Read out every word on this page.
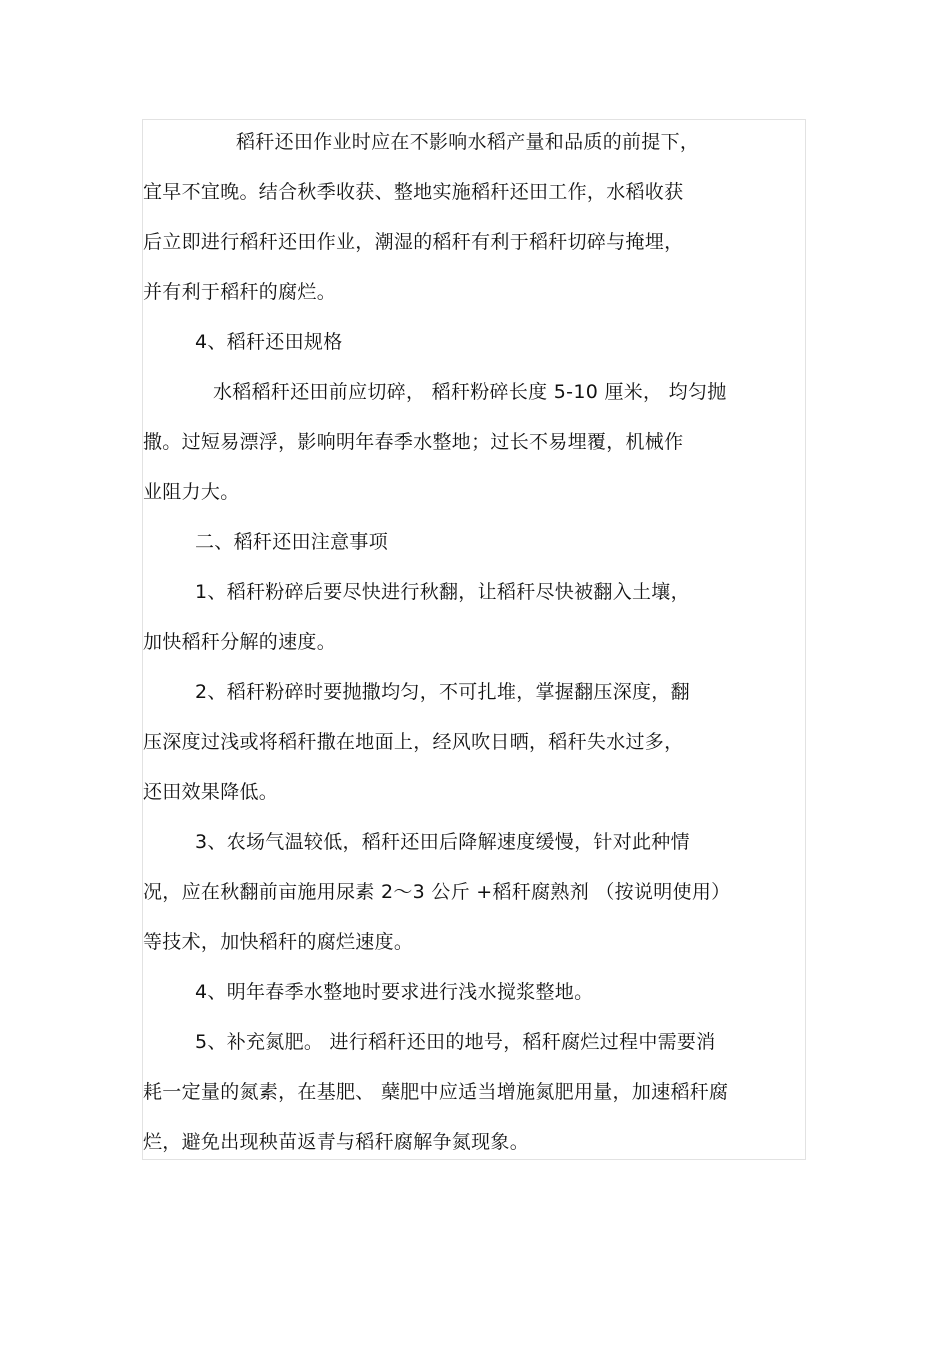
稻秆还田作业时应在不影响水稻产量和品质的前提下，
宜早不宜晚。结合秋季收获、整地实施稻秆还田工作，水稻收获
后立即进行稻秆还田作业，潮湿的稻秆有利于稻秆切碎与掩埋，
并有利于稻秆的腐烂。
4、稻秆还田规格
水稻稻秆还田前应切碎， 稻秆粉碎长度 5-10 厘米， 均匀抛
撒。过短易漂浮，影响明年春季水整地；过长不易埋覆，机械作
业阻力大。
二、稻秆还田注意事项
1、稻秆粉碎后要尽快进行秋翻，让稻秆尽快被翻入土壤，
加快稻秆分解的速度。
2、稻秆粉碎时要抛撒均匀，不可扎堆，掌握翻压深度，翻
压深度过浅或将稻秆撒在地面上，经风吹日晒，稻秆失水过多，
还田效果降低。
3、农场气温较低，稻秆还田后降解速度缓慢，针对此种情
况，应在秋翻前亩施用尿素 2～3 公斤 +稻秆腐熟剂 （按说明使用）
等技术，加快稻秆的腐烂速度。
4、明年春季水整地时要求进行浅水搅浆整地。
5、补充氮肥。 进行稻秆还田的地号，稻秆腐烂过程中需要消
耗一定量的氮素，在基肥、 蘖肥中应适当增施氮肥用量，加速稻秆腐
烂，避免出现秧苗返青与稻秆腐解争氮现象。
